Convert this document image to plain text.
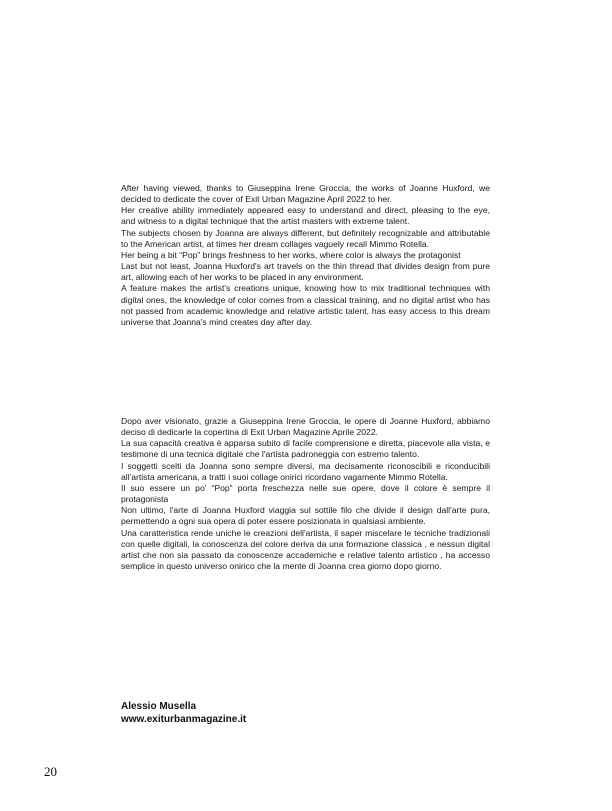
After having viewed, thanks to Giuseppina Irene Groccia, the works of Joanne Huxford, we decided to dedicate the cover of Exit Urban Magazine April 2022 to her.

Her creative ability immediately appeared easy to understand and direct, pleasing to the eye, and witness to a digital technique that the artist masters with extreme talent.

The subjects chosen by Joanna are always different, but definitely recognizable and attributable to the American artist, at times her dream collages vaguely recall Mimmo Rotella.

Her being a bit “Pop” brings freshness to her works, where color is always the protagonist

Last but not least, Joanna Huxford's art travels on the thin thread that divides design from pure art, allowing each of her works to be placed in any environment.

A feature makes the artist's creations unique, knowing how to mix traditional techniques with digital ones, the knowledge of color comes from a classical training, and no digital artist who has not passed from academic knowledge and relative artistic talent, has easy access to this dream universe that Joanna's mind creates day after day.

Dopo aver visionato, grazie a Giuseppina Irene Groccia, le opere di Joanne Huxford, abbiamo deciso di dedicarle la copertina di Exit Urban Magazine Aprile 2022.

La sua capacità creativa è apparsa subito di facile comprensione e diretta, piacevole alla vista, e testimone di una tecnica digitale che l'artista padroneggia con estremo talento.

I soggetti scelti da Joanna sono sempre diversi, ma decisamente riconoscibili e riconducibili all'artista americana, a tratti i suoi collage onirici ricordano vagamente Mimmo Rotella.

Il suo essere un po' “Pop” porta freschezza nelle sue opere, dove il colore è sempre il protagonista

Non ultimo, l'arte di Joanna Huxford viaggia sul sottile filo che divide il design dall'arte pura, permettendo a ogni sua opera di poter essere posizionata in qualsiasi ambiente.

Una caratteristica rende uniche le creazioni dell'artista, il saper miscelare le tecniche tradizionali con quelle digitali, la conoscenza del colore deriva da una formazione classica , e nessun digital artist che non sia passato da conoscenze accademiche e relative talento artistico , ha accesso semplice in questo universo onirico che la mente di Joanna crea giorno dopo giorno.

Alessio Musella
www.exiturbanmagazine.it
20
